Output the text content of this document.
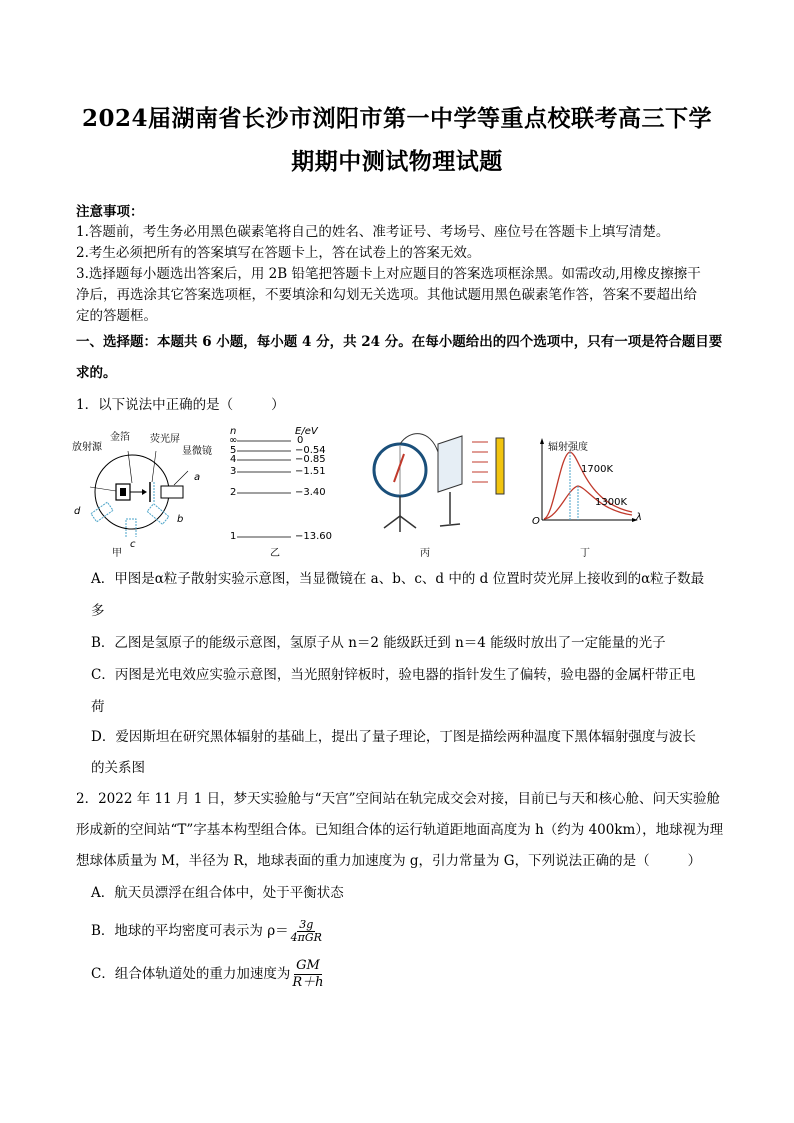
2024届湖南省长沙市浏阳市第一中学等重点校联考高三下学
期期中测试物理试题
注意事项：
1.答题前，考生务必用黑色碳素笔将自己的姓名、准考证号、考场号、座位号在答题卡上填写清楚。
2.考生必须把所有的答案填写在答题卡上，答在试卷上的答案无效。
3.选择题每小题选出答案后，用 2B 铅笔把答题卡上对应题目的答案选项框涂黑。如需改动,用橡皮擦擦干
净后，再选涂其它答案选项框，不要填涂和勾划无关选项。其他试题用黑色碳素笔作答，答案不要超出给
定的答题框。
一、选择题：本题共 6 小题，每小题 4 分，共 24 分。在每小题给出的四个选项中，只有一项是符合题目要
求的。
1．以下说法中正确的是（	）
放射源
金箔 荧光屏
显微镜
a
b
c
d
甲
n	E/eV
∞	0
5	−0.54
4	−0.85
3	−1.51
2	−3.40
1	−13.60
乙	丙
辐射强度
1700K
1300K
O	λ
丁
A．甲图是α粒子散射实验示意图，当显微镜在 a、b、c、d 中的 d 位置时荧光屏上接收到的α粒子数最
多
B．乙图是氢原子的能级示意图，氢原子从 n＝2 能级跃迁到 n＝4 能级时放出了一定能量的光子
C．丙图是光电效应实验示意图，当光照射锌板时，验电器的指针发生了偏转，验电器的金属杆带正电
荷
D．爱因斯坦在研究黑体辐射的基础上，提出了量子理论，丁图是描绘两种温度下黑体辐射强度与波长
的关系图
2．2022 年 11 月 1 日，梦天实验舱与“天宫”空间站在轨完成交会对接，目前已与天和核心舱、问天实验舱
形成新的空间站“T”字基本构型组合体。已知组合体的运行轨道距地面高度为 h（约为 400km），地球视为理
想球体质量为 M，半径为 R，地球表面的重力加速度为 g，引力常量为 G，下列说法正确的是（	）
A．航天员漂浮在组合体中，处于平衡状态
B．地球的平均密度可表示为 $\rho= \frac{3g}{\text{4πGR}}$
C．组合体轨道处的重力加速度为 $\frac{GM}{R+h}$
